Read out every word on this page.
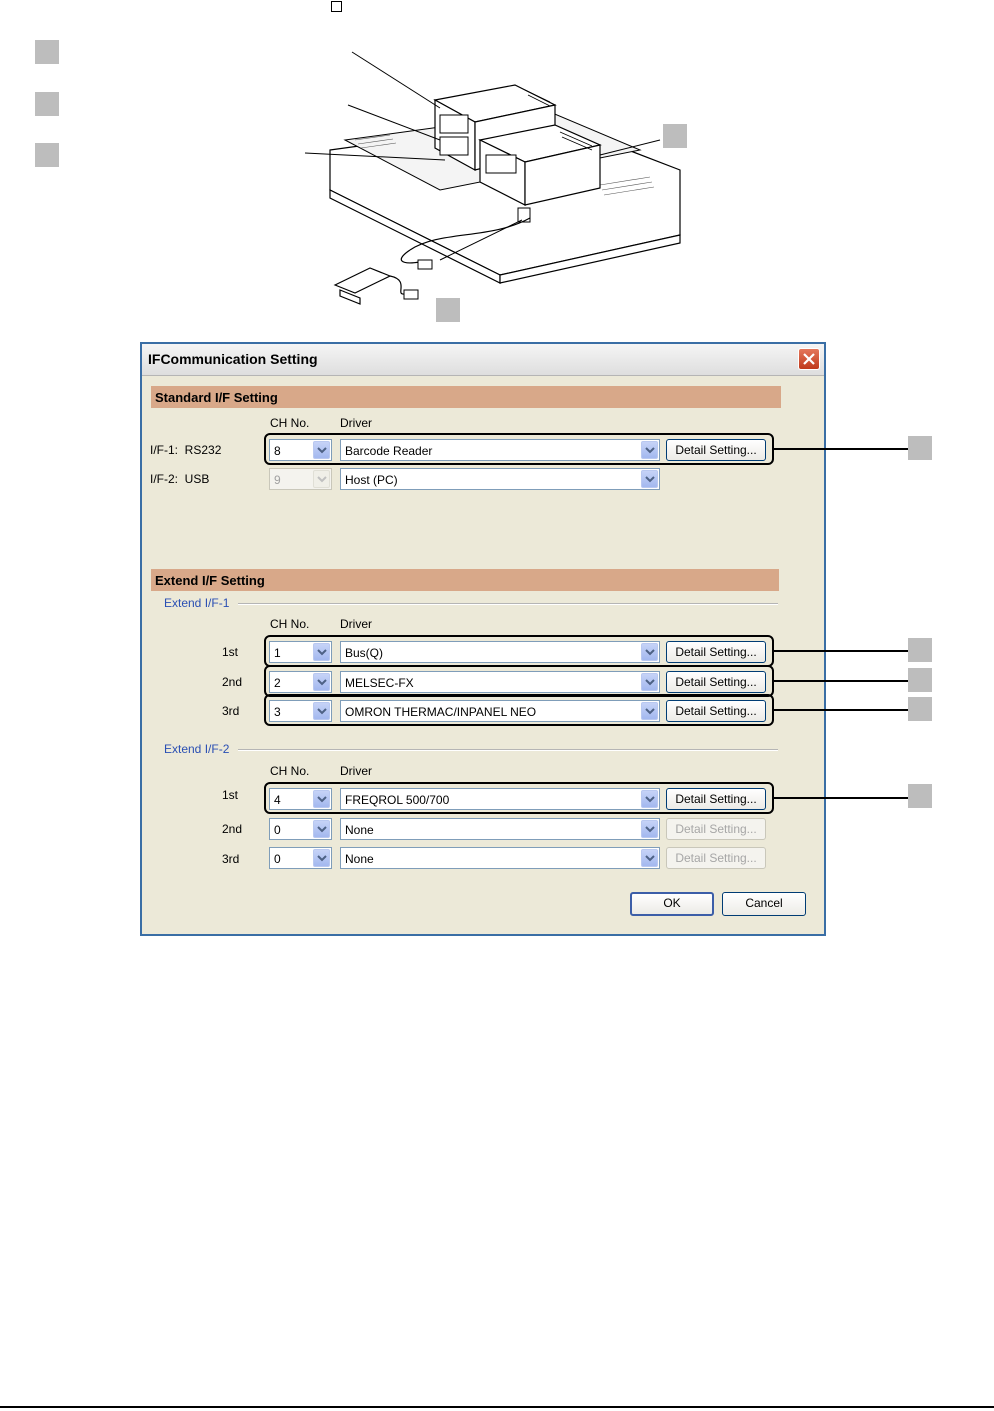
IFCommunication Setting
Standard I/F Setting
CH No.	Driver
I/F-1:  RS232	8	Barcode Reader	Detail Setting...
I/F-2:  USB	9	Host (PC)
Extend I/F Setting
Extend I/F-1
CH No.	Driver
1st	1	Bus(Q)	Detail Setting...
2nd	2	MELSEC-FX	Detail Setting...
3rd	3	OMRON THERMAC/INPANEL NEO	Detail Setting...
Extend I/F-2
CH No.	Driver
1st	4	FREQROL 500/700	Detail Setting...
2nd	0	None	Detail Setting...
3rd	0	None	Detail Setting...
OK	Cancel
